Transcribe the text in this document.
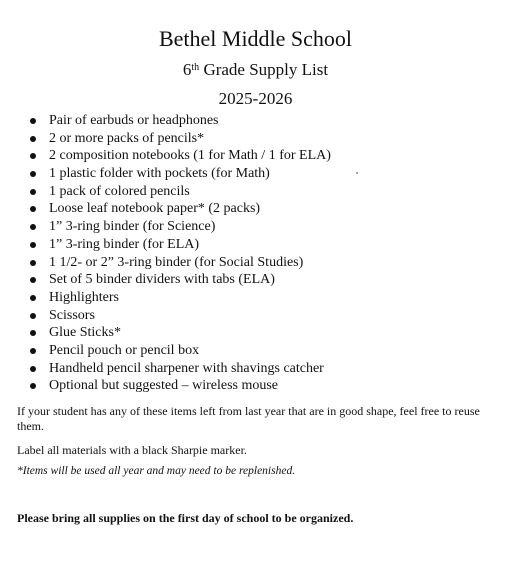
Bethel Middle School
6th Grade Supply List
2025-2026
Pair of earbuds or headphones
2 or more packs of pencils*
2 composition notebooks (1 for Math / 1 for ELA)
1 plastic folder with pockets (for Math)
1 pack of colored pencils
Loose leaf notebook paper* (2 packs)
1” 3-ring binder (for Science)
1” 3-ring binder (for ELA)
1 1/2- or 2” 3-ring binder (for Social Studies)
Set of 5 binder dividers with tabs (ELA)
Highlighters
Scissors
Glue Sticks*
Pencil pouch or pencil box
Handheld pencil sharpener with shavings catcher
Optional but suggested – wireless mouse

If your student has any of these items left from last year that are in good shape, feel free to reuse them.

Label all materials with a black Sharpie marker.

*Items will be used all year and may need to be replenished.

Please bring all supplies on the first day of school to be organized.
